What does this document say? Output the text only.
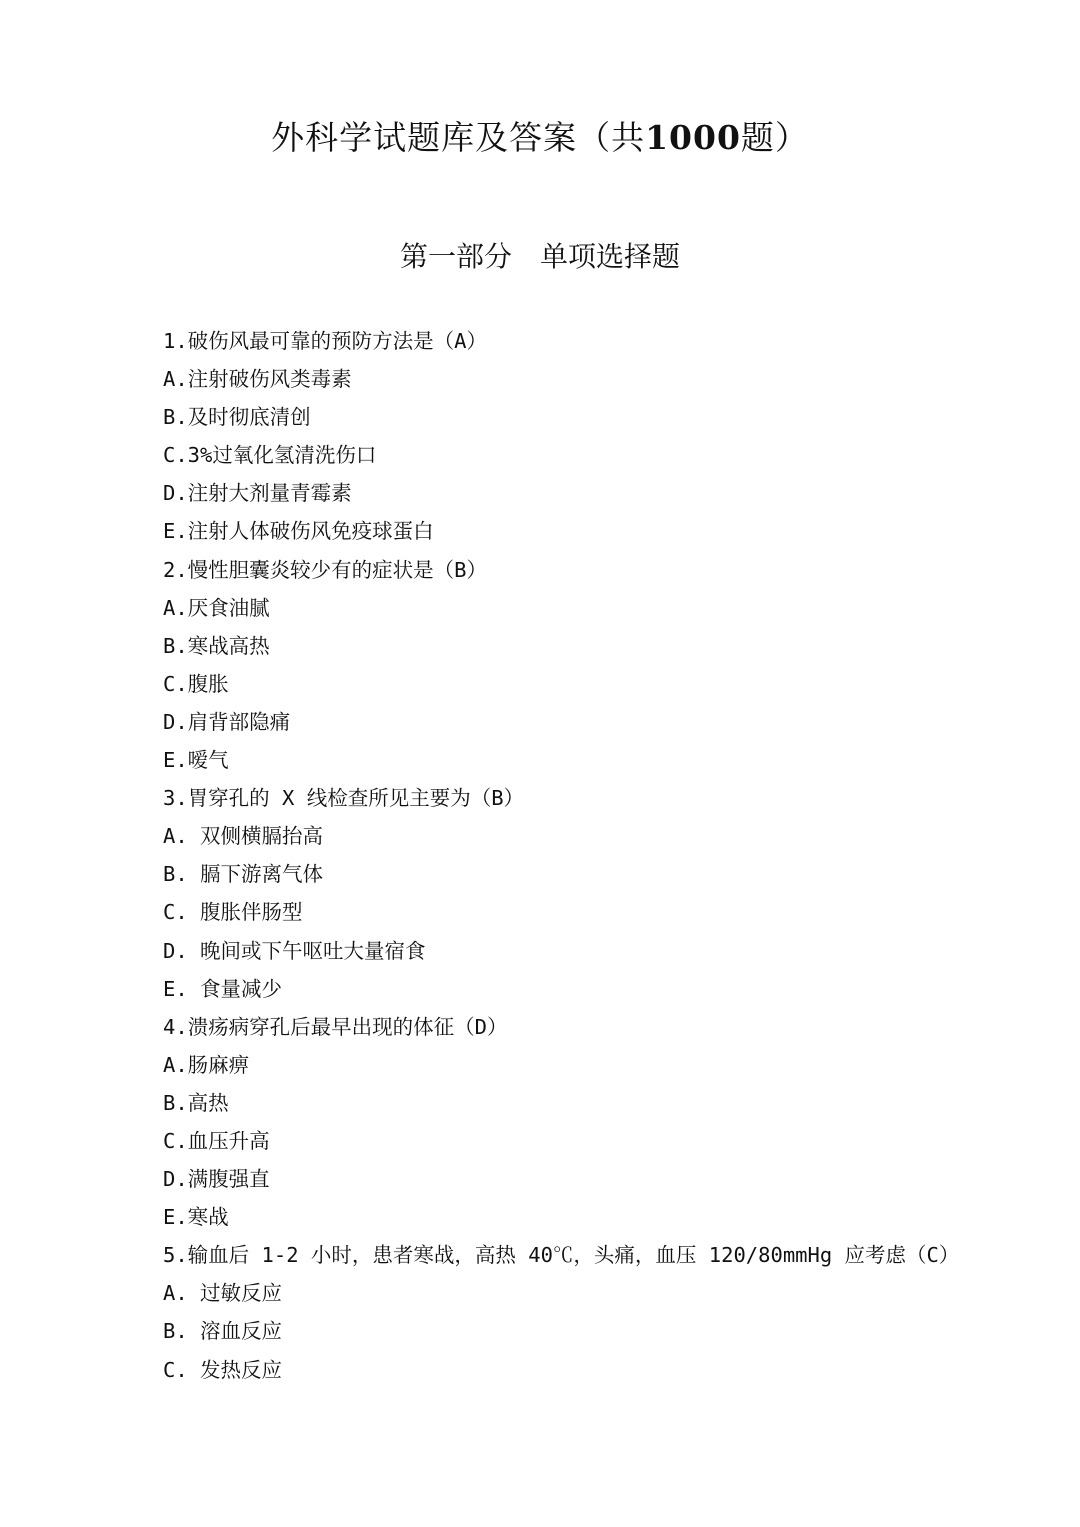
外科学试题库及答案（共1000题）
第一部分　单项选择题
1.破伤风最可靠的预防方法是（A）
A.注射破伤风类毒素
B.及时彻底清创
C.3%过氧化氢清洗伤口
D.注射大剂量青霉素
E.注射人体破伤风免疫球蛋白
2.慢性胆囊炎较少有的症状是（B）
A.厌食油腻
B.寒战高热
C.腹胀
D.肩背部隐痛
E.嗳气
3.胃穿孔的 X 线检查所见主要为（B）
A. 双侧横膈抬高
B. 膈下游离气体
C. 腹胀伴肠型
D. 晚间或下午呕吐大量宿食
E. 食量减少
4.溃疡病穿孔后最早出现的体征（D）
A.肠麻痹
B.高热
C.血压升高
D.满腹强直
E.寒战
5.输血后 1-2 小时，患者寒战，高热 40℃，头痛，血压 120/80mmHg 应考虑（C）
A. 过敏反应
B. 溶血反应
C. 发热反应
